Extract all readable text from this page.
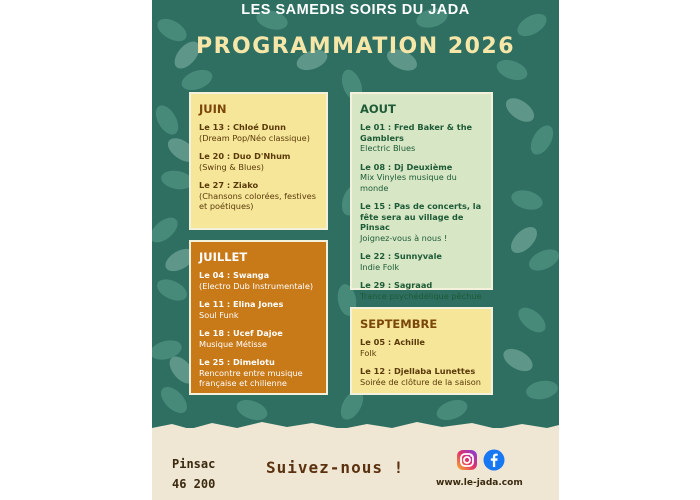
LES SAMEDIS SOIRS DU JADA
PROGRAMMATION 2026
JUIN
Le 13 : Chloé Dunn
(Dream Pop/Néo classique)
Le 20 : Duo D'Nhum
(Swing & Blues)
Le 27 : Ziako
(Chansons colorées, festives et poétiques)
JUILLET
Le 04 : Swanga
(Electro Dub Instrumentale)
Le 11 : Elina Jones
Soul Funk
Le 18 : Ucef Dajoe
Musique Métisse
Le 25 : Dimelotu
Rencontre entre musique française et chilienne
AOUT
Le 01 : Fred Baker & the Gamblers
Electric Blues
Le 08 : Dj Deuxième
Mix Vinyles musique du monde
Le 15 : Pas de concerts, la fête sera au village de Pinsac
Joignez-vous à nous !
Le 22 : Sunnyvale
Indie Folk
Le 29 : Sagraad
Trance psychédélique pêchue
SEPTEMBRE
Le 05 : Achille
Folk
Le 12 : Djellaba Lunettes
Soirée de clôture de la saison
Pinsac
46 200
Suivez-nous !
www.le-jada.com
